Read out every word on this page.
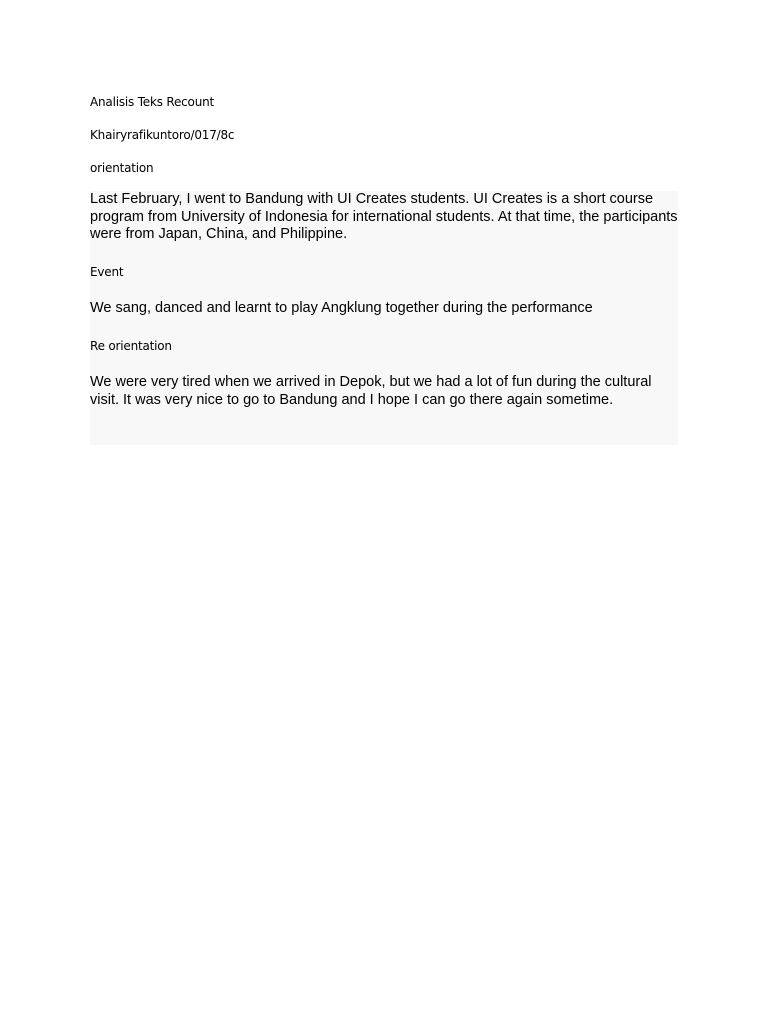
Analisis Teks Recount
Khairyrafikuntoro/017/8c
orientation

Last February, I went to Bandung with UI Creates students. UI Creates is a short course program from University of Indonesia for international students. At that time, the participants were from Japan, China, and Philippine.

Event

We sang, danced and learnt to play Angklung together during the performance

Re orientation

We were very tired when we arrived in Depok, but we had a lot of fun during the cultural visit. It was very nice to go to Bandung and I hope I can go there again sometime.
